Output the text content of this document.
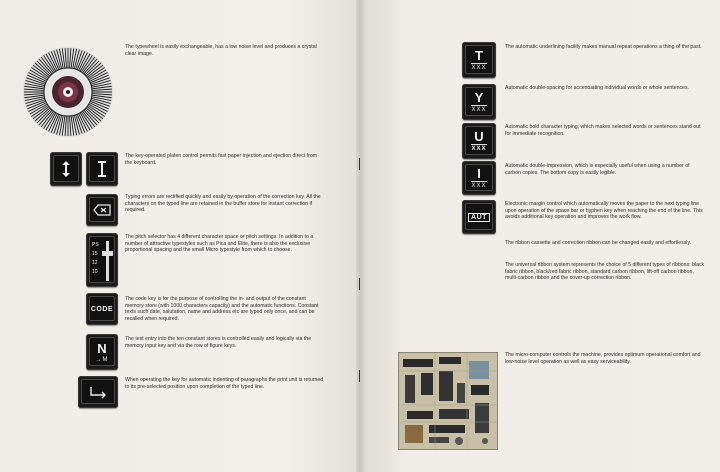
The typewheel is easily exchangeable, has a low noise level and produces a crystal clear image.
The key-operated platen control permits fast paper injection and ejection direct from the keyboard.
Typing errors are rectified quickly and easily by operation of the correction key. All the characters on the typed line are retained in the buffer store for instant correction if required.
PS
15
12
10
The pitch selector has 4 different character space or pitch settings. In addition to a number of attractive typestyles such as Pica and Elite, there is also the exclusive proportional spacing and the small Micro typestyle from which to choose.
CODE
The code key is for the purpose of controlling the in- and output of the constant memory store (with 1000 characters capacity) and the automatic functions. Constant texts such date, salutation, name and address etc are typed only once, and can be recalled when required.
N
→M
The text entry into the ten constant stores is controlled easily and logically via the memory input key and via the row of figure keys.
When operating the key for automatic indenting of paragraphs the print unit is returned to its pre-selected position upon completion of the typed line.
T
XXX
The automatic underlining facility makes manual repeat operations a thing of the past.
Y
XXX
Automatic double-spacing for accentuating individual words or whole sentences.
U
XXX
Automatic bold character typing, which makes selected words or sentences stand out for immediate recognition.
I
XXX
Automatic double-impression, which is especially useful when using a number of carbon copies. The bottom copy is easily legible.
AUT
Electronic margin control which automatically moves the paper to the next typing line upon operation of the space bar or hyphen key when reaching the end of the line. This avoids additional key operation and improves the work flow.
The ribbon cassette and correction ribbon can be changed easily and effortlessly.
The universal ribbon system represents the choice of 5 different types of ribbons: black fabric ribbon, black/red fabric ribbon, standard carbon ribbon, lift-off carbon ribbon, multi-carbon ribbon and the cover-up correction ribbon.
The micro-computer controls the machine, provides optimum operational comfort and low-noise level operation as well as easy serviceability.
